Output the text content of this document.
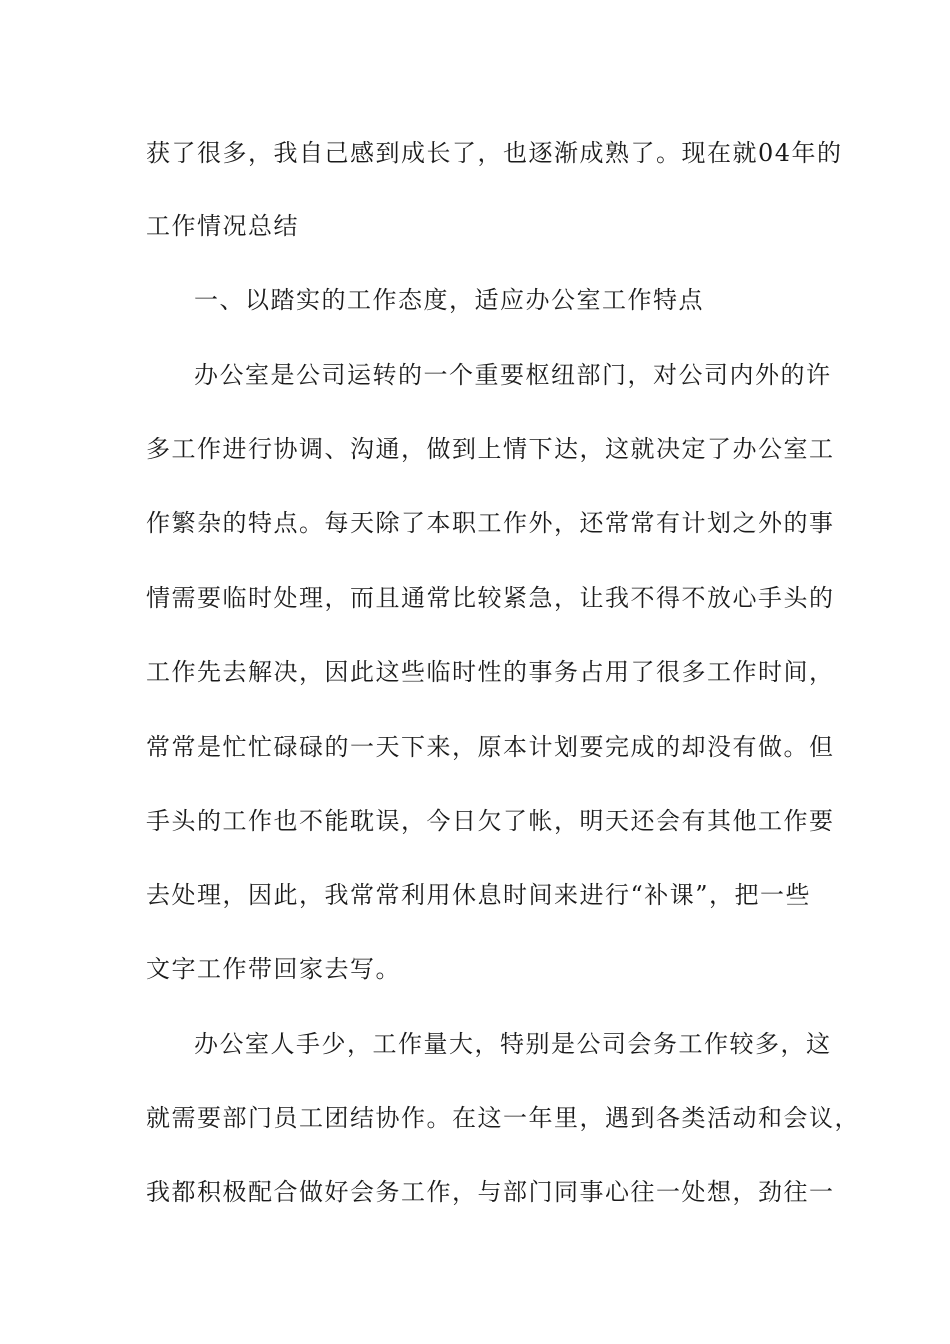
获了很多，我自己感到成长了，也逐渐成熟了。现在就04年的
工作情况总结
一、以踏实的工作态度，适应办公室工作特点
办公室是公司运转的一个重要枢纽部门，对公司内外的许
多工作进行协调、沟通，做到上情下达，这就决定了办公室工
作繁杂的特点。每天除了本职工作外，还常常有计划之外的事
情需要临时处理，而且通常比较紧急，让我不得不放心手头的
工作先去解决，因此这些临时性的事务占用了很多工作时间，
常常是忙忙碌碌的一天下来，原本计划要完成的却没有做。但
手头的工作也不能耽误，今日欠了帐，明天还会有其他工作要
去处理，因此，我常常利用休息时间来进行“补课”，把一些
文字工作带回家去写。
办公室人手少，工作量大，特别是公司会务工作较多，这
就需要部门员工团结协作。在这一年里，遇到各类活动和会议，
我都积极配合做好会务工作，与部门同事心往一处想，劲往一
